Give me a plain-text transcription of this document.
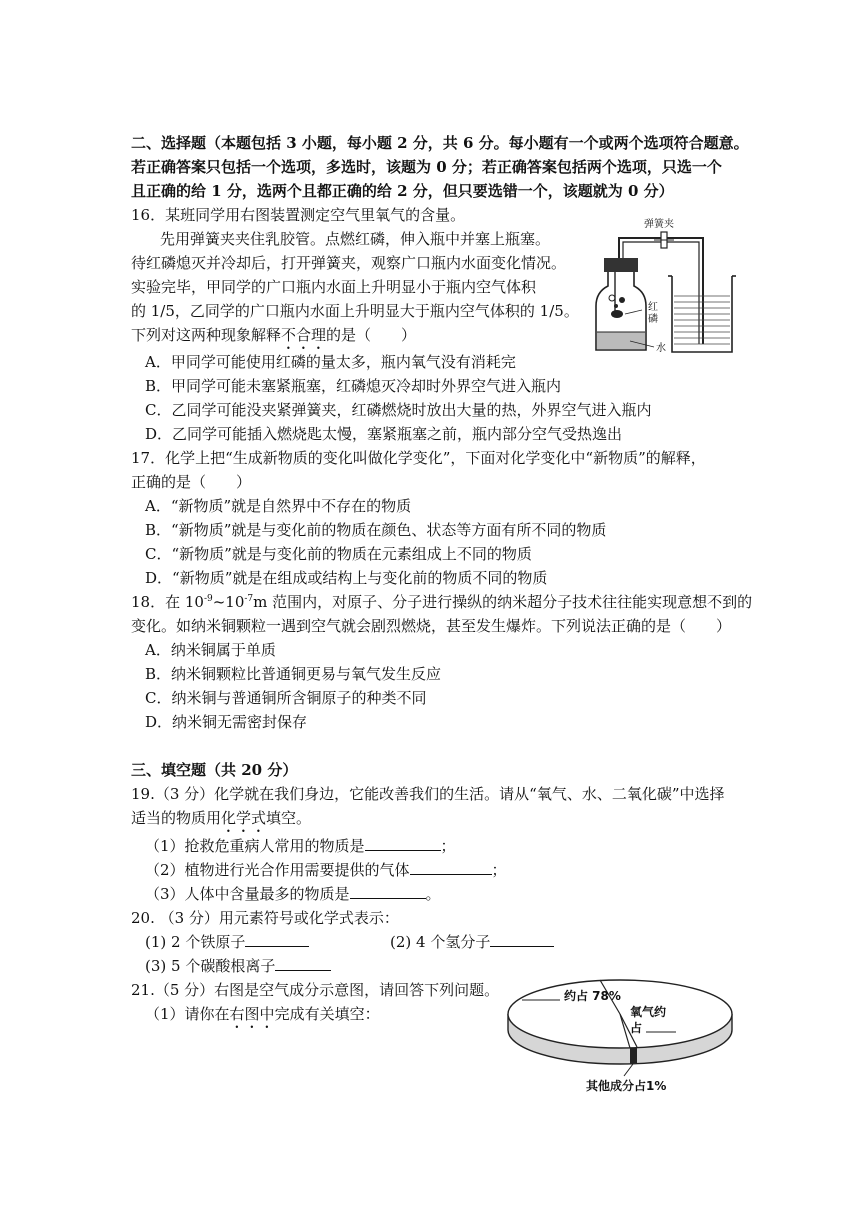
二、选择题（本题包括 3 小题，每小题 2 分，共 6 分。每小题有一个或两个选项符合题意。
若正确答案只包括一个选项，多选时，该题为 0 分；若正确答案包括两个选项，只选一个
且正确的给 1 分，选两个且都正确的给 2 分，但只要选错一个，该题就为 0 分）
16．某班同学用右图装置测定空气里氧气的含量。
先用弹簧夹夹住乳胶管。点燃红磷，伸入瓶中并塞上瓶塞。
待红磷熄灭并冷却后，打开弹簧夹，观察广口瓶内水面变化情况。
实验完毕，甲同学的广口瓶内水面上升明显小于瓶内空气体积
的 1/5，乙同学的广口瓶内水面上升明显大于瓶内空气体积的 1/5。
下列对这两种现象解释不合理的是（　　）
A．甲同学可能使用红磷的量太多，瓶内氧气没有消耗完
B．甲同学可能未塞紧瓶塞，红磷熄灭冷却时外界空气进入瓶内
C．乙同学可能没夹紧弹簧夹，红磷燃烧时放出大量的热，外界空气进入瓶内
D．乙同学可能插入燃烧匙太慢，塞紧瓶塞之前，瓶内部分空气受热逸出
弹簧夹
红
磷
水
17．化学上把“生成新物质的变化叫做化学变化”，下面对化学变化中“新物质”的解释，
正确的是（　　）
A．“新物质”就是自然界中不存在的物质
B．“新物质”就是与变化前的物质在颜色、状态等方面有所不同的物质
C．“新物质”就是与变化前的物质在元素组成上不同的物质
D．“新物质”就是在组成或结构上与变化前的物质不同的物质
18．在 $10^{-9}\sim 10^{-7}m$ 范围内，对原子、分子进行操纵的纳米超分子技术往往能实现意想不到的
变化。如纳米铜颗粒一遇到空气就会剧烈燃烧，甚至发生爆炸。下列说法正确的是（　　）
A．纳米铜属于单质
B．纳米铜颗粒比普通铜更易与氧气发生反应
C．纳米铜与普通铜所含铜原子的种类不同
D．纳米铜无需密封保存
三、填空题（共 20 分）
19.（3 分）化学就在我们身边，它能改善我们的生活。请从“氧气、水、二氧化碳”中选择
适当的物质用化学式填空。
（1）抢救危重病人常用的物质是	；
（2）植物进行光合作用需要提供的气体	；
（3）人体中含量最多的物质是	。
20. （3 分）用元素符号或化学式表示：
(1) 2 个铁原子	(2) 4 个氢分子
(3) 5 个碳酸根离子
21.（5 分）右图是空气成分示意图，请回答下列问题。
（1）请你在右图中完成有关填空：
约占 78%
氧气约
占
其他成分占1%
